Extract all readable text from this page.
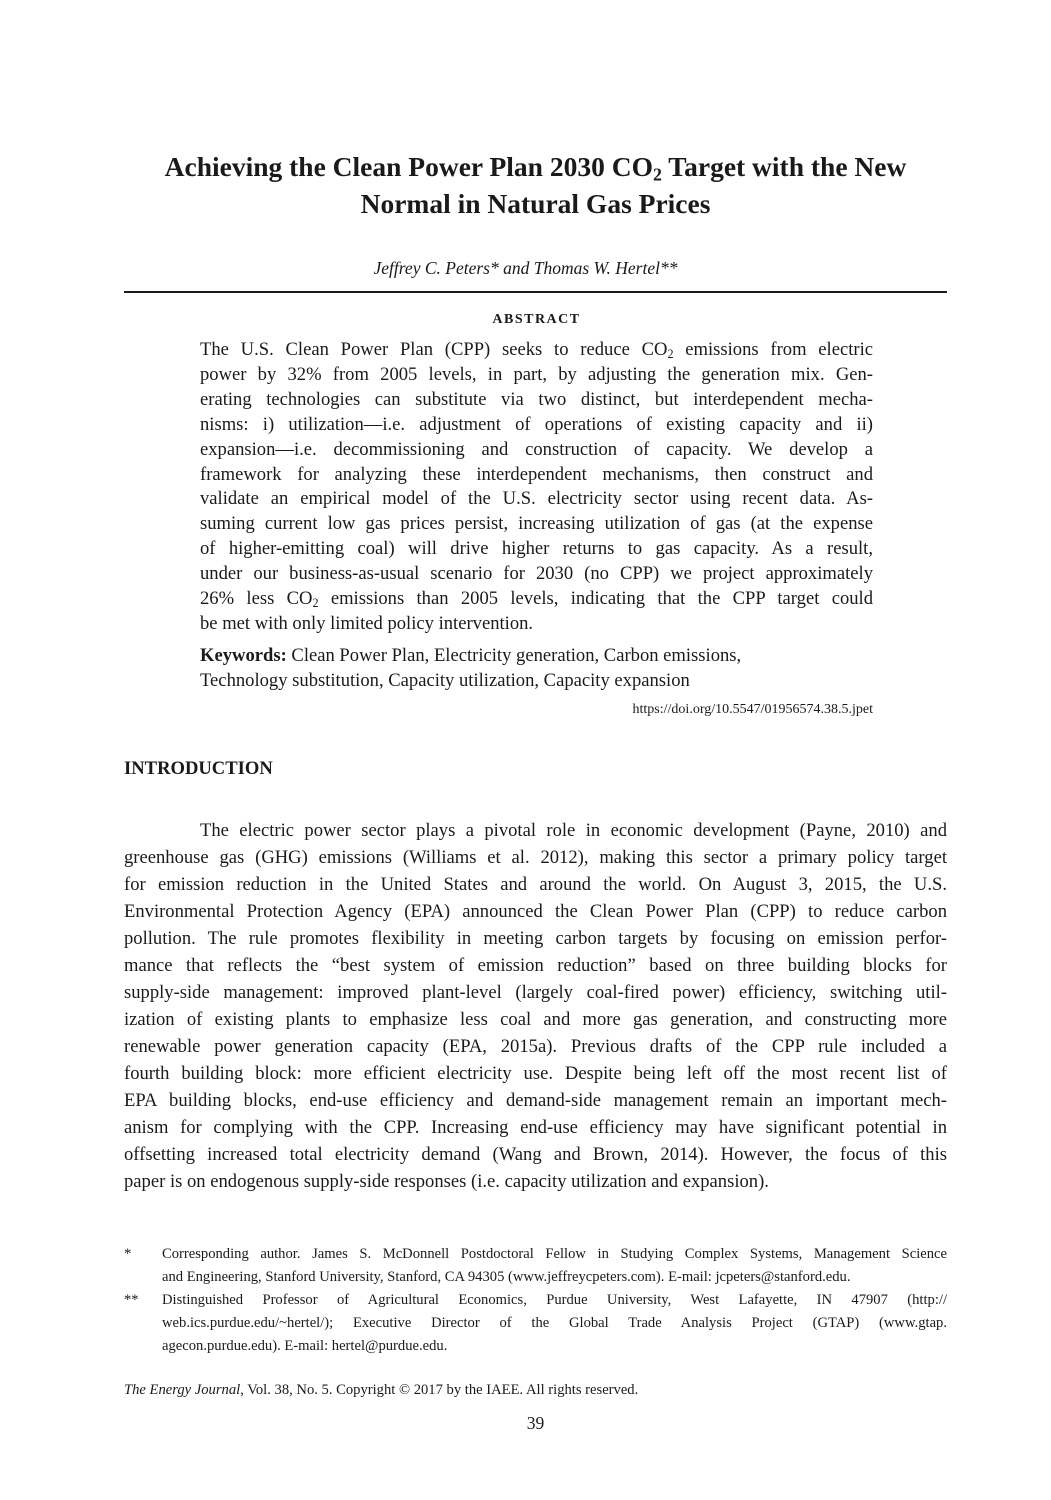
Achieving the Clean Power Plan 2030 $CO_2$ Target with the New
Normal in Natural Gas Prices
Jeffrey C. Peters* and Thomas W. Hertel**
ABSTRACT
The U.S. Clean Power Plan (CPP) seeks to reduce $CO_2$ emissions from electric
power by 32% from 2005 levels, in part, by adjusting the generation mix. Gen-
erating technologies can substitute via two distinct, but interdependent mecha-
nisms: i) utilization—i.e. adjustment of operations of existing capacity and ii)
expansion—i.e. decommissioning and construction of capacity. We develop a
framework for analyzing these interdependent mechanisms, then construct and
validate an empirical model of the U.S. electricity sector using recent data. As-
suming current low gas prices persist, increasing utilization of gas (at the expense
of higher-emitting coal) will drive higher returns to gas capacity. As a result,
under our business-as-usual scenario for 2030 (no CPP) we project approximately
26% less $CO_2$ emissions than 2005 levels, indicating that the CPP target could
be met with only limited policy intervention.
Keywords: Clean Power Plan, Electricity generation, Carbon emissions,
Technology substitution, Capacity utilization, Capacity expansion
https://doi.org/10.5547/01956574.38.5.jpet
INTRODUCTION
The electric power sector plays a pivotal role in economic development (Payne, 2010) and
greenhouse gas (GHG) emissions (Williams et al. 2012), making this sector a primary policy target
for emission reduction in the United States and around the world. On August 3, 2015, the U.S.
Environmental Protection Agency (EPA) announced the Clean Power Plan (CPP) to reduce carbon
pollution. The rule promotes flexibility in meeting carbon targets by focusing on emission perfor-
mance that reflects the “best system of emission reduction” based on three building blocks for
supply-side management: improved plant-level (largely coal-fired power) efficiency, switching util-
ization of existing plants to emphasize less coal and more gas generation, and constructing more
renewable power generation capacity (EPA, 2015a). Previous drafts of the CPP rule included a
fourth building block: more efficient electricity use. Despite being left off the most recent list of
EPA building blocks, end-use efficiency and demand-side management remain an important mech-
anism for complying with the CPP. Increasing end-use efficiency may have significant potential in
offsetting increased total electricity demand (Wang and Brown, 2014). However, the focus of this
paper is on endogenous supply-side responses (i.e. capacity utilization and expansion).
* Corresponding author. James S. McDonnell Postdoctoral Fellow in Studying Complex Systems, Management Science
and Engineering, Stanford University, Stanford, CA 94305 (www.jeffreycpeters.com). E-mail: jcpeters@stanford.edu.
** Distinguished Professor of Agricultural Economics, Purdue University, West Lafayette, IN 47907 (http://
web.ics.purdue.edu/~hertel/); Executive Director of the Global Trade Analysis Project (GTAP) (www.gtap.
agecon.purdue.edu). E-mail: hertel@purdue.edu.
The Energy Journal, Vol. 38, No. 5. Copyright © 2017 by the IAEE. All rights reserved.
39
